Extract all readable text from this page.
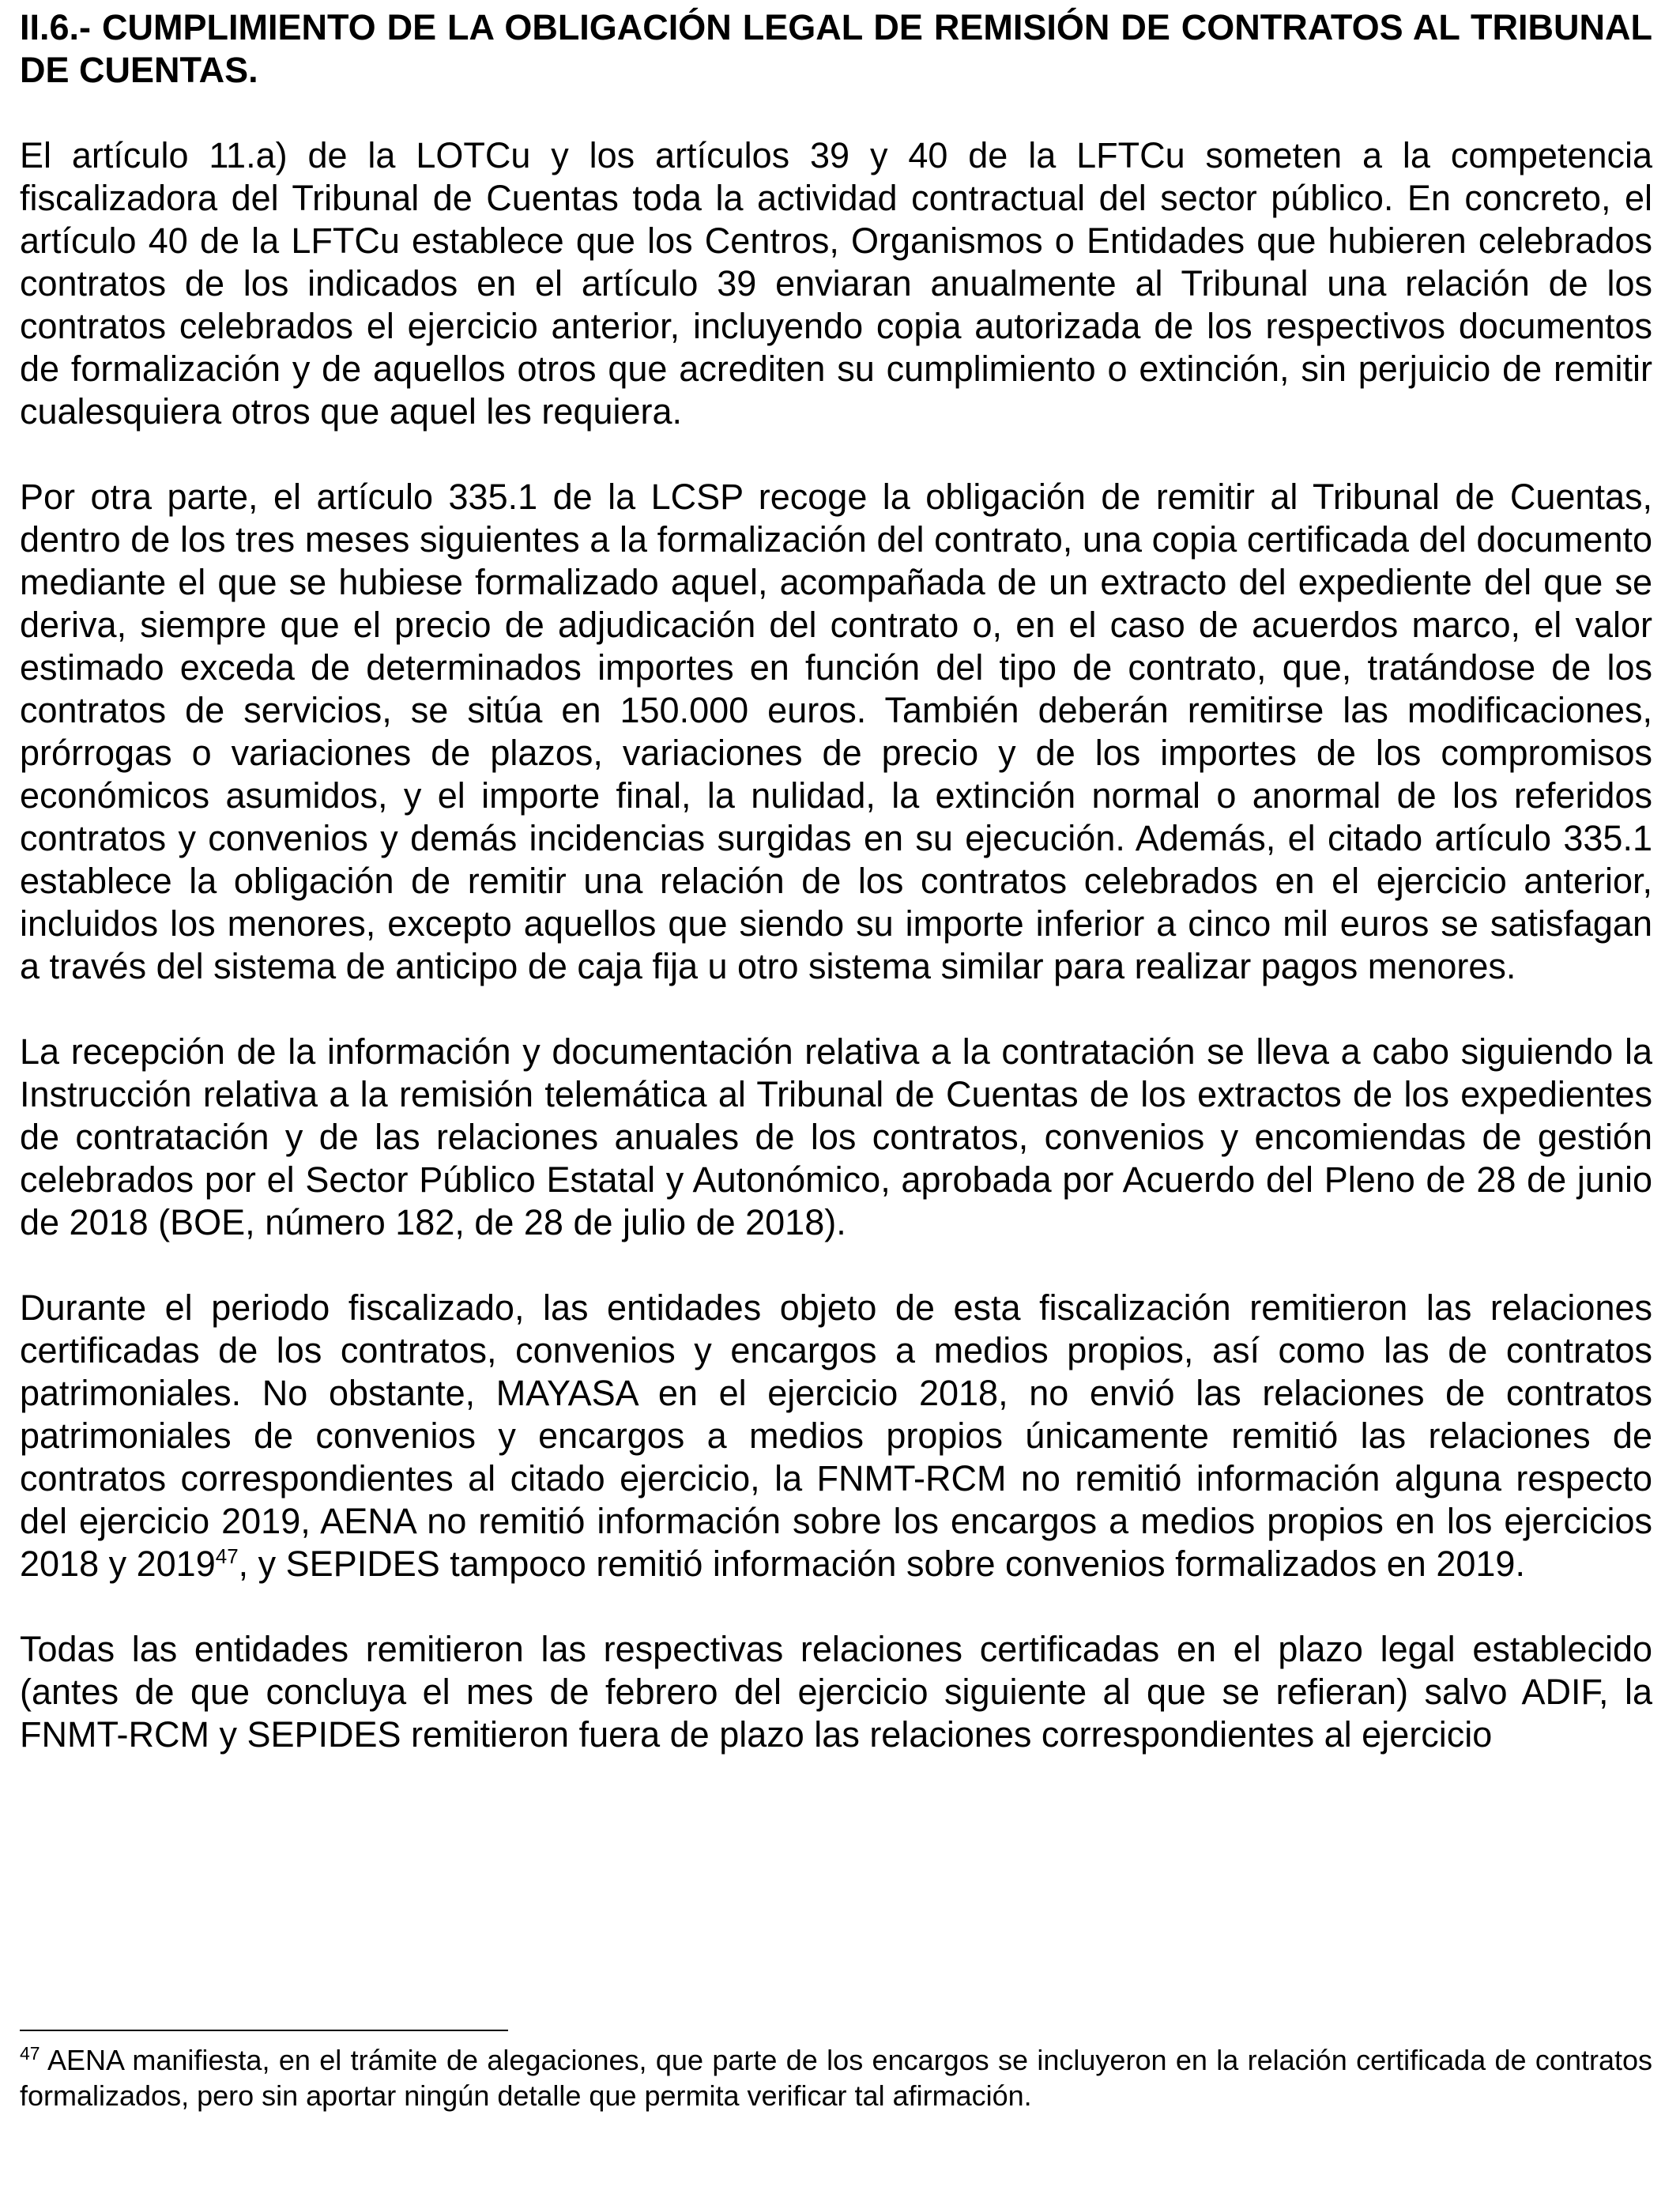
II.6.- CUMPLIMIENTO DE LA OBLIGACIÓN LEGAL DE REMISIÓN DE CONTRATOS AL TRIBUNAL DE CUENTAS.

El artículo 11.a) de la LOTCu y los artículos 39 y 40 de la LFTCu someten a la competencia fiscalizadora del Tribunal de Cuentas toda la actividad contractual del sector público. En concreto, el artículo 40 de la LFTCu establece que los Centros, Organismos o Entidades que hubieren celebrados contratos de los indicados en el artículo 39 enviaran anualmente al Tribunal una relación de los contratos celebrados el ejercicio anterior, incluyendo copia autorizada de los respectivos documentos de formalización y de aquellos otros que acrediten su cumplimiento o extinción, sin perjuicio de remitir cualesquiera otros que aquel les requiera.

Por otra parte, el artículo 335.1 de la LCSP recoge la obligación de remitir al Tribunal de Cuentas, dentro de los tres meses siguientes a la formalización del contrato, una copia certificada del documento mediante el que se hubiese formalizado aquel, acompañada de un extracto del expediente del que se deriva, siempre que el precio de adjudicación del contrato o, en el caso de acuerdos marco, el valor estimado exceda de determinados importes en función del tipo de contrato, que, tratándose de los contratos de servicios, se sitúa en 150.000 euros. También deberán remitirse las modificaciones, prórrogas o variaciones de plazos, variaciones de precio y de los importes de los compromisos económicos asumidos, y el importe final, la nulidad, la extinción normal o anormal de los referidos contratos y convenios y demás incidencias surgidas en su ejecución. Además, el citado artículo 335.1 establece la obligación de remitir una relación de los contratos celebrados en el ejercicio anterior, incluidos los menores, excepto aquellos que siendo su importe inferior a cinco mil euros se satisfagan a través del sistema de anticipo de caja fija u otro sistema similar para realizar pagos menores.

La recepción de la información y documentación relativa a la contratación se lleva a cabo siguiendo la Instrucción relativa a la remisión telemática al Tribunal de Cuentas de los extractos de los expedientes de contratación y de las relaciones anuales de los contratos, convenios y encomiendas de gestión celebrados por el Sector Público Estatal y Autonómico, aprobada por Acuerdo del Pleno de 28 de junio de 2018 (BOE, número 182, de 28 de julio de 2018).

Durante el periodo fiscalizado, las entidades objeto de esta fiscalización remitieron las relaciones certificadas de los contratos, convenios y encargos a medios propios, así como las de contratos patrimoniales. No obstante, MAYASA en el ejercicio 2018, no envió las relaciones de contratos patrimoniales de convenios y encargos a medios propios únicamente remitió las relaciones de contratos correspondientes al citado ejercicio, la FNMT-RCM no remitió información alguna respecto del ejercicio 2019, AENA no remitió información sobre los encargos a medios propios en los ejercicios 2018 y 2019$^{47}$, y SEPIDES tampoco remitió información sobre convenios formalizados en 2019.

Todas las entidades remitieron las respectivas relaciones certificadas en el plazo legal establecido (antes de que concluya el mes de febrero del ejercicio siguiente al que se refieran) salvo ADIF, la FNMT-RCM y SEPIDES remitieron fuera de plazo las relaciones correspondientes al ejercicio

$^{47}$ AENA manifiesta, en el trámite de alegaciones, que parte de los encargos se incluyeron en la relación certificada de contratos formalizados, pero sin aportar ningún detalle que permita verificar tal afirmación.
